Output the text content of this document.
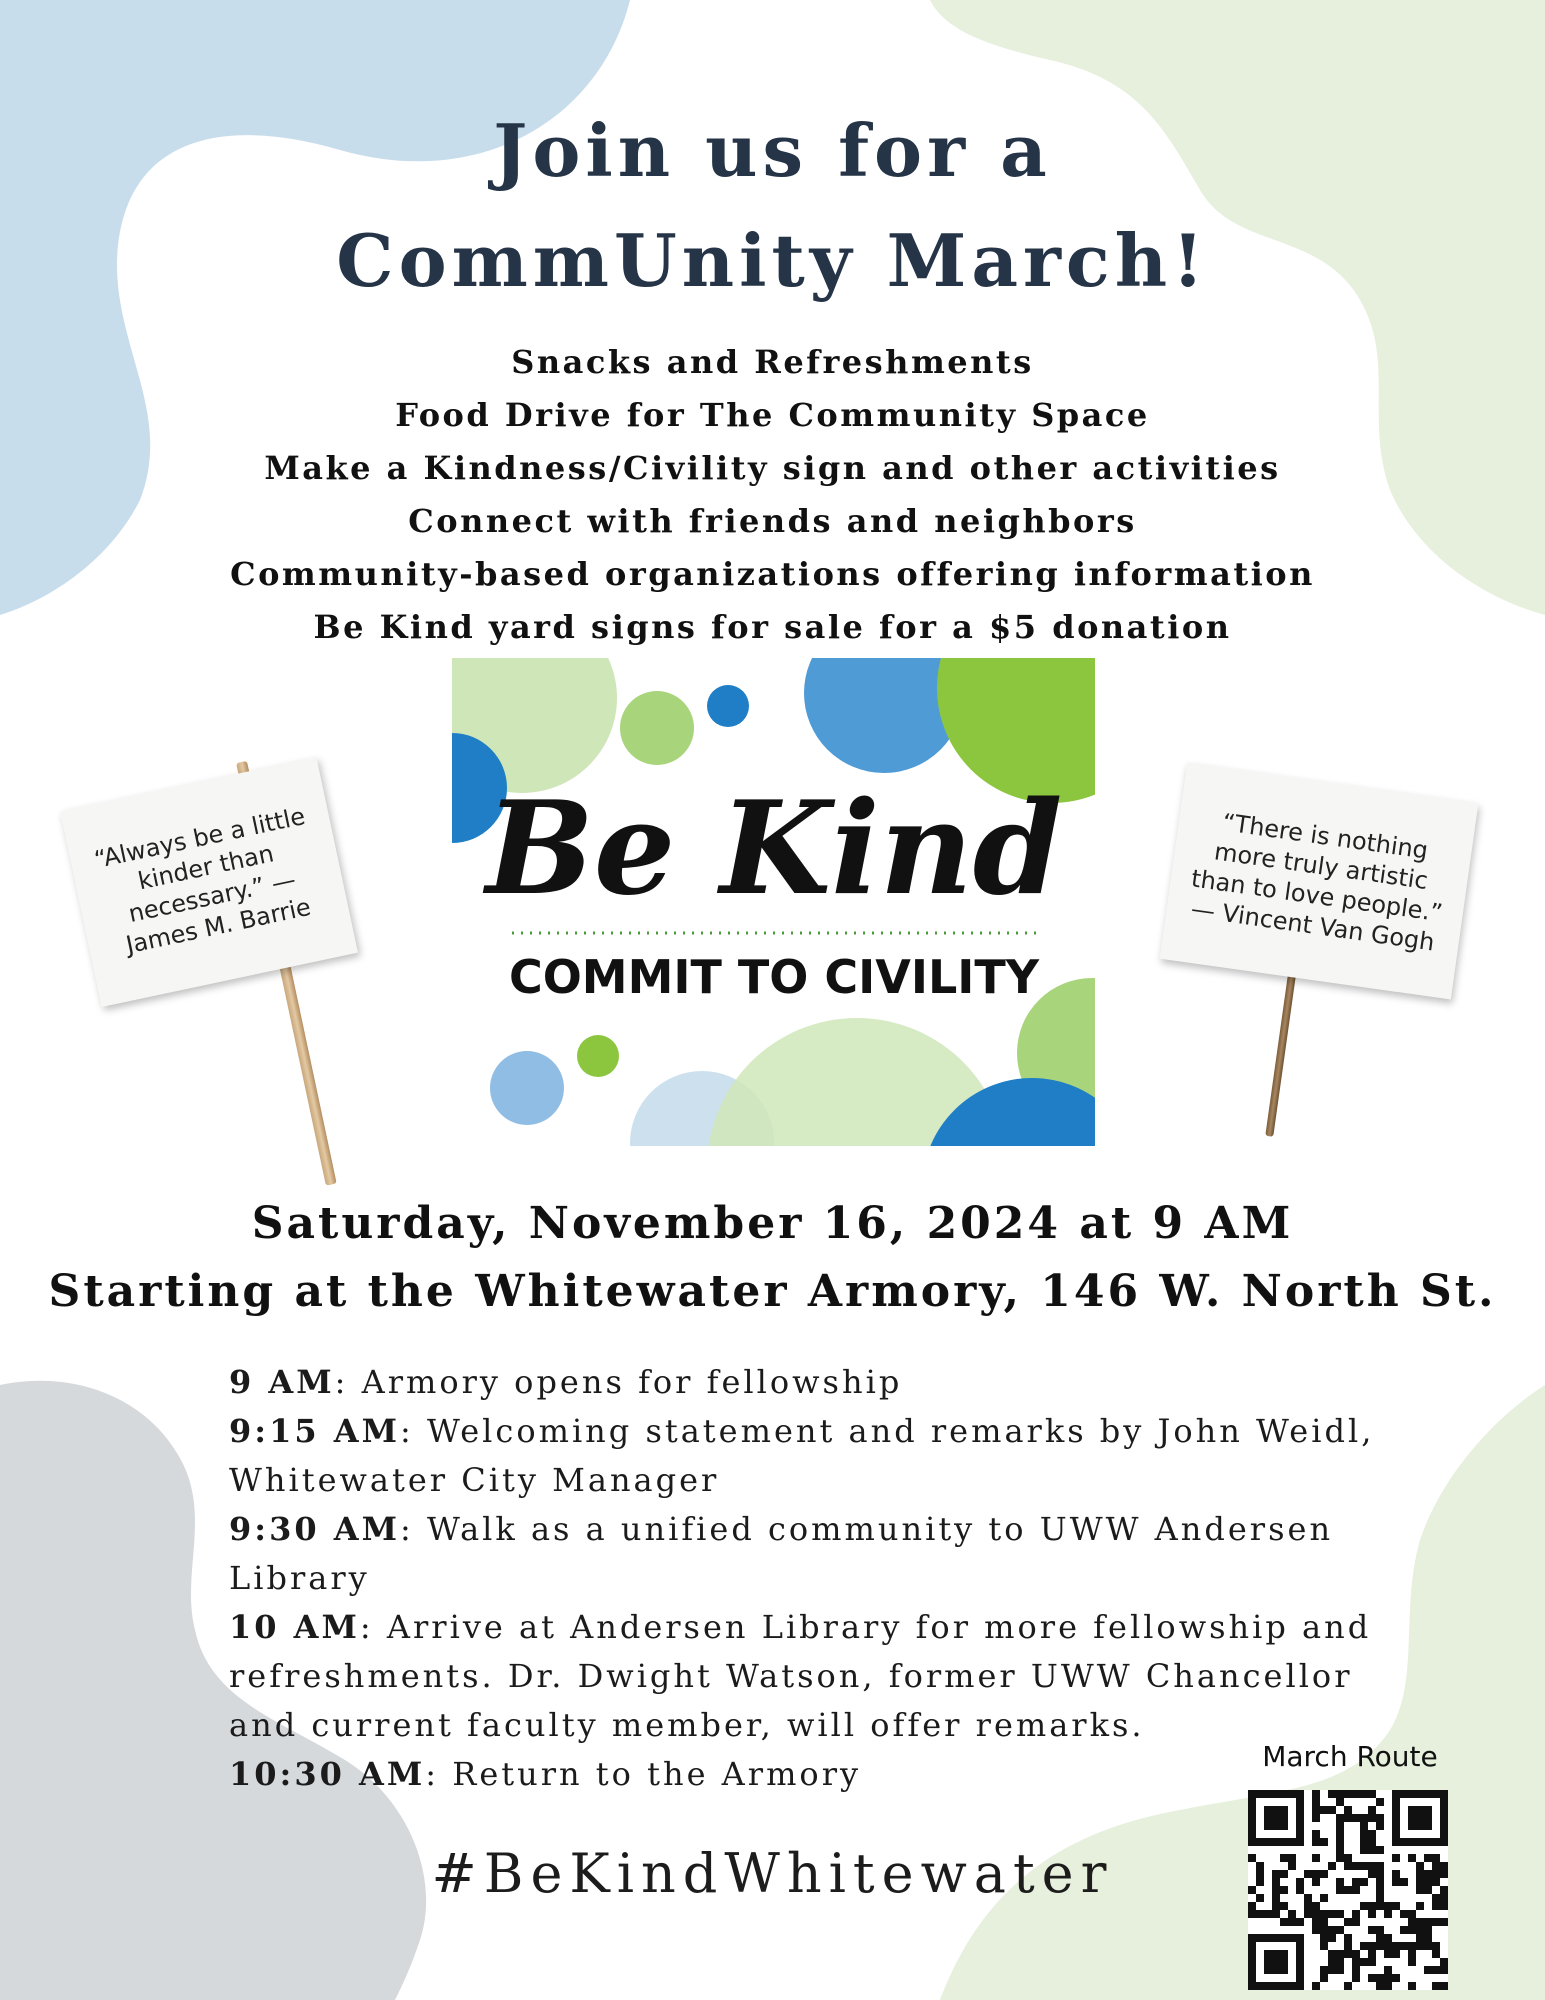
Join us for a
CommUnity March!
Snacks and Refreshments
Food Drive for The Community Space
Make a Kindness/Civility sign and other activities
Connect with friends and neighbors
Community-based organizations offering information
Be Kind yard signs for sale for a $5 donation
Be Kind
COMMIT TO CIVILITY
“Always be a little kinder than necessary.” — James M. Barrie
“There is nothing more truly artistic than to love people.” — Vincent Van Gogh

Saturday, November 16, 2024 at 9 AM

Starting at the Whitewater Armory, 146 W. North St.

9 AM: Armory opens for fellowship
9:15 AM: Welcoming statement and remarks by John Weidl, Whitewater City Manager
9:30 AM: Walk as a unified community to UWW Andersen Library
10 AM: Arrive at Andersen Library for more fellowship and refreshments. Dr. Dwight Watson, former UWW Chancellor and current faculty member, will offer remarks.
10:30 AM: Return to the Armory

#BeKindWhitewater

March Route
